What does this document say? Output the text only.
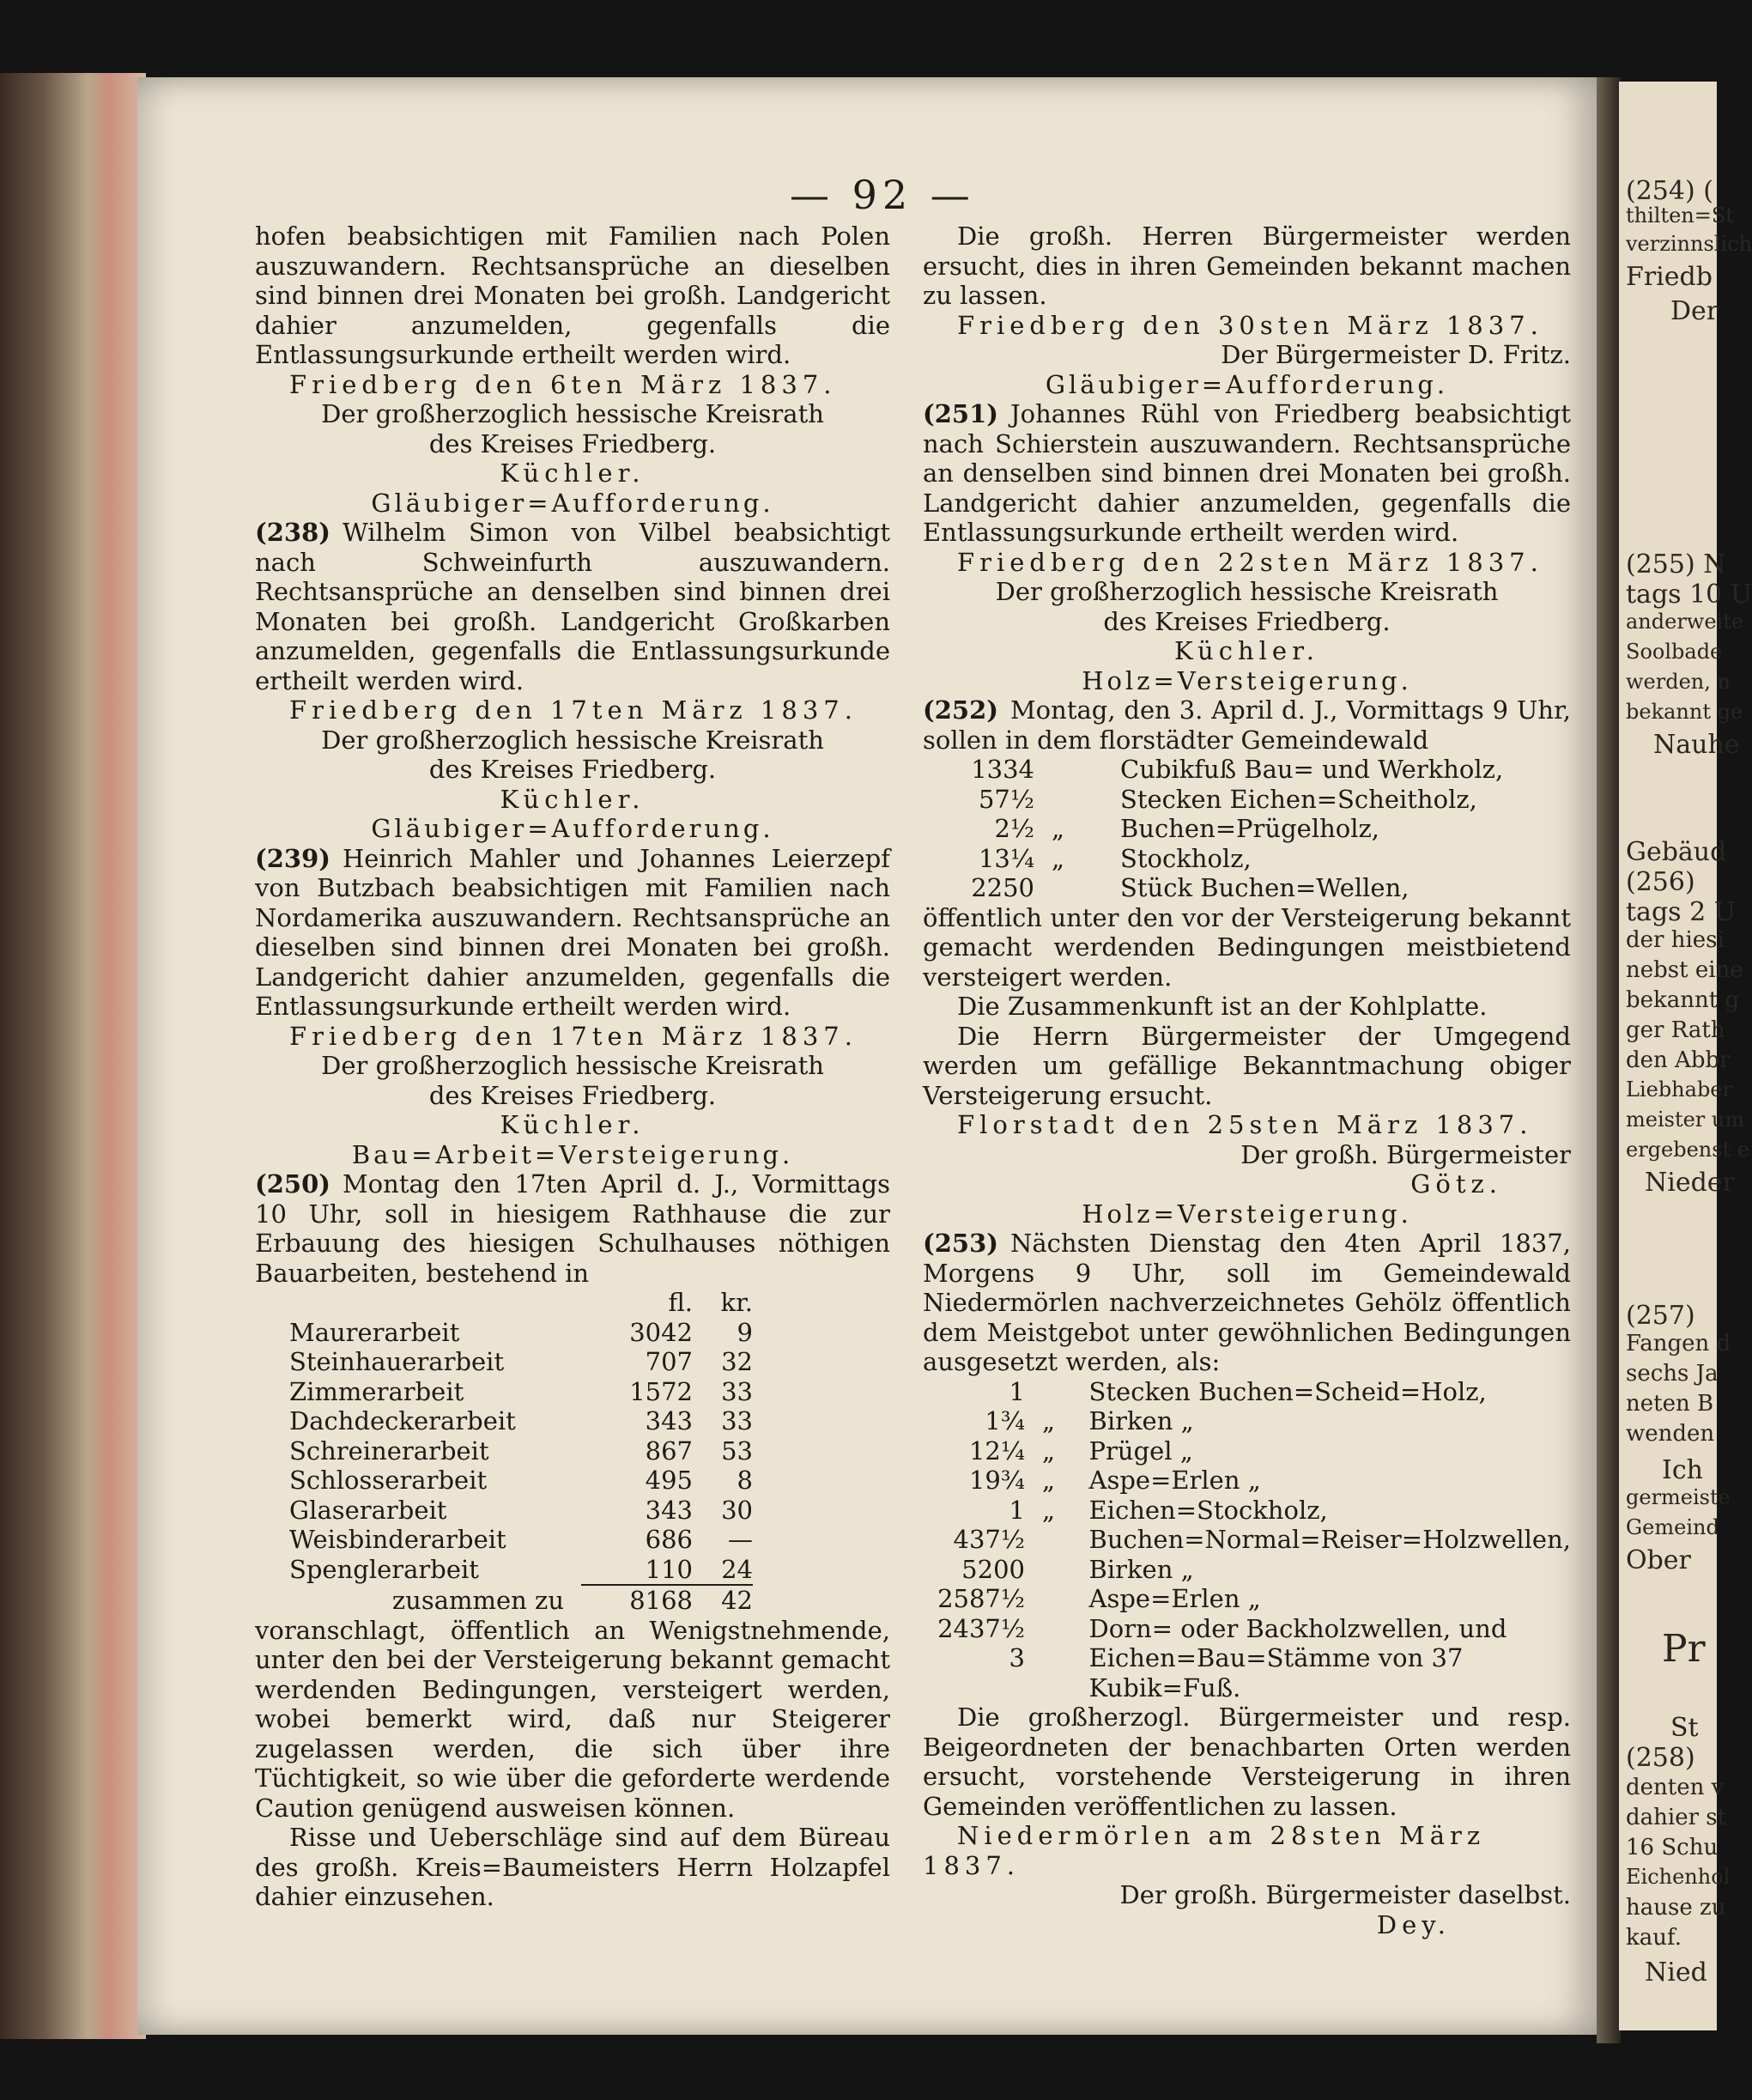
(254) (
thilten=St
verzinnslich
Friedb
Der
(255) N
tags 10 U
anderweite
Soolbade
werden, n
bekannt ge
Nauhe
Gebäud
(256)
tags 2 U
der hiesi
nebst eine
bekannt g
ger Rath
den Abbr
Liebhaber
meister um
ergebenst e
Nieder
(257)
Fangen d
sechs Ja
neten B
wenden
Ich
germeiste
Gemeind
Ober
Pr
St
(258)
denten v
dahier st
16 Schu
Eichenhol
hause zu
kauf.
Nied
— 92 —

hofen beabsichtigen mit Familien nach Polen auszuwandern. Rechtsansprüche an dieselben sind binnen drei Monaten bei großh. Landgericht dahier anzumelden, gegenfalls die Entlassungsurkunde ertheilt werden wird.

Friedberg den 6ten März 1837.

Der großherzoglich hessische Kreisrath

des Kreises Friedberg.

Küchler.

Gläubiger=Aufforderung.

(238) Wilhelm Simon von Vilbel beabsichtigt nach Schweinfurth auszuwandern. Rechtsansprüche an denselben sind binnen drei Monaten bei großh. Landgericht Großkarben anzumelden, gegenfalls die Entlassungsurkunde ertheilt werden wird.

Friedberg den 17ten März 1837.

Der großherzoglich hessische Kreisrath

des Kreises Friedberg.

Küchler.

Gläubiger=Aufforderung.

(239) Heinrich Mahler und Johannes Leierzepf von Butzbach beabsichtigen mit Familien nach Nordamerika auszuwandern. Rechtsansprüche an dieselben sind binnen drei Monaten bei großh. Landgericht dahier anzumelden, gegenfalls die Entlassungsurkunde ertheilt werden wird.

Friedberg den 17ten März 1837.

Der großherzoglich hessische Kreisrath

des Kreises Friedberg.

Küchler.

Bau=Arbeit=Versteigerung.

(250) Montag den 17ten April d. J., Vormittags 10 Uhr, soll in hiesigem Rathhause die zur Erbauung des hiesigen Schulhauses nöthigen Bauarbeiten, bestehend in

	fl.	kr.
Maurerarbeit	3042	9
Steinhauerarbeit	707	32
Zimmerarbeit	1572	33
Dachdeckerarbeit	343	33
Schreinerarbeit	867	53
Schlosserarbeit	495	8
Glaserarbeit	343	30
Weisbinderarbeit	686	—
Spenglerarbeit	110	24
zusammen zu	8168	42

voranschlagt, öffentlich an Wenigstnehmende, unter den bei der Versteigerung bekannt gemacht werdenden Bedingungen, versteigert werden, wobei bemerkt wird, daß nur Steigerer zugelassen werden, die sich über ihre Tüchtigkeit, so wie über die geforderte werdende Caution genügend ausweisen können.

Risse und Ueberschläge sind auf dem Büreau des großh. Kreis=Baumeisters Herrn Holzapfel dahier einzusehen.

Die großh. Herren Bürgermeister werden ersucht, dies in ihren Gemeinden bekannt machen zu lassen.

Friedberg den 30sten März 1837.

Der Bürgermeister D. Fritz.

Gläubiger=Aufforderung.

(251) Johannes Rühl von Friedberg beabsichtigt nach Schierstein auszuwandern. Rechtsansprüche an denselben sind binnen drei Monaten bei großh. Landgericht dahier anzumelden, gegenfalls die Entlassungsurkunde ertheilt werden wird.

Friedberg den 22sten März 1837.

Der großherzoglich hessische Kreisrath

des Kreises Friedberg.

Küchler.

Holz=Versteigerung.

(252) Montag, den 3. April d. J., Vormittags 9 Uhr, sollen in dem florstädter Gemeindewald

1334		Cubikfuß Bau= und Werkholz,
57½		Stecken Eichen=Scheitholz,
2½	„	Buchen=Prügelholz,
13¼	„	Stockholz,
2250		Stück Buchen=Wellen,

öffentlich unter den vor der Versteigerung bekannt gemacht werdenden Bedingungen meistbietend versteigert werden.

Die Zusammenkunft ist an der Kohlplatte.

Die Herrn Bürgermeister der Umgegend werden um gefällige Bekanntmachung obiger Versteigerung ersucht.

Florstadt den 25sten März 1837.

Der großh. Bürgermeister

Götz.

Holz=Versteigerung.

(253) Nächsten Dienstag den 4ten April 1837, Morgens 9 Uhr, soll im Gemeindewald Niedermörlen nachverzeichnetes Gehölz öffentlich dem Meistgebot unter gewöhnlichen Bedingungen ausgesetzt werden, als:

1		Stecken Buchen=Scheid=Holz,
1¾	„	Birken „
12¼	„	Prügel „
19¾	„	Aspe=Erlen „
1	„	Eichen=Stockholz,
437½		Buchen=Normal=Reiser=Holzwellen,
5200		Birken „
2587½		Aspe=Erlen „
2437½		Dorn= oder Backholzwellen, und
3		Eichen=Bau=Stämme von 37 Kubik=Fuß.

Die großherzogl. Bürgermeister und resp. Beigeordneten der benachbarten Orten werden ersucht, vorstehende Versteigerung in ihren Gemeinden veröffentlichen zu lassen.

Niedermörlen am 28sten März 1837.

Der großh. Bürgermeister daselbst.

Dey.
